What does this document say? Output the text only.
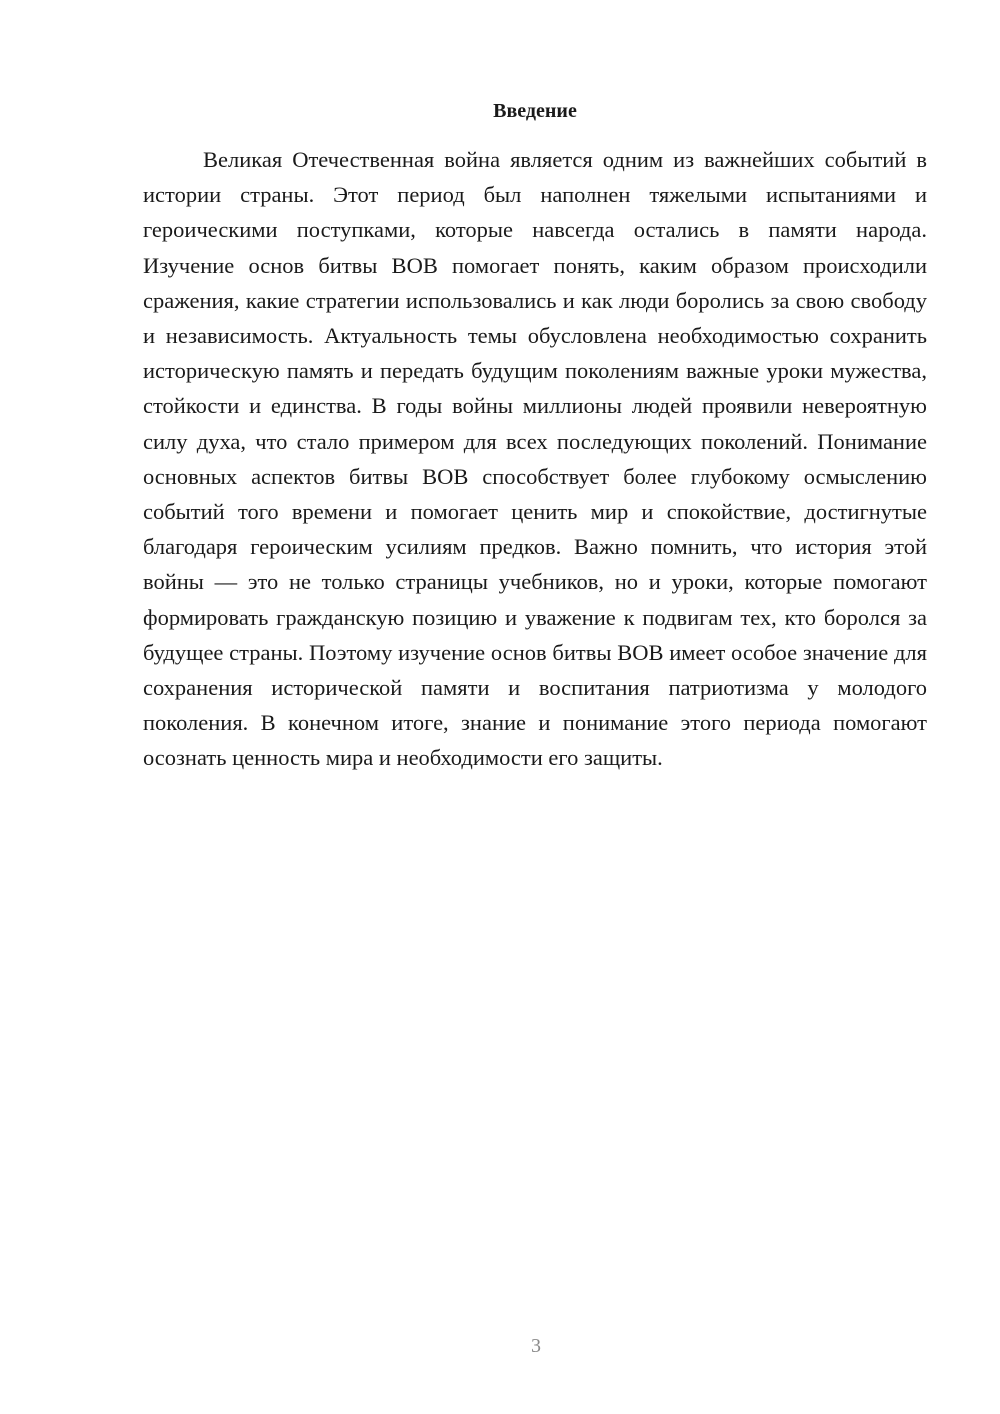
Введение

Великая Отечественная война является одним из важнейших событий в истории страны. Этот период был наполнен тяжелыми испытаниями и героическими поступками, которые навсегда остались в памяти народа. Изучение основ битвы ВОВ помогает понять, каким образом происходили сражения, какие стратегии использовались и как люди боролись за свою свободу и независимость. Актуальность темы обусловлена необходимостью сохранить историческую память и передать будущим поколениям важные уроки мужества, стойкости и единства. В годы войны миллионы людей проявили невероятную силу духа, что стало примером для всех последующих поколений. Понимание основных аспектов битвы ВОВ способствует более глубокому осмыслению событий того времени и помогает ценить мир и спокойствие, достигнутые благодаря героическим усилиям предков. Важно помнить, что история этой войны — это не только страницы учебников, но и уроки, которые помогают формировать гражданскую позицию и уважение к подвигам тех, кто боролся за будущее страны. Поэтому изучение основ битвы ВОВ имеет особое значение для сохранения исторической памяти и воспитания патриотизма у молодого поколения. В конечном итоге, знание и понимание этого периода помогают осознать ценность мира и необходимости его защиты.

3
